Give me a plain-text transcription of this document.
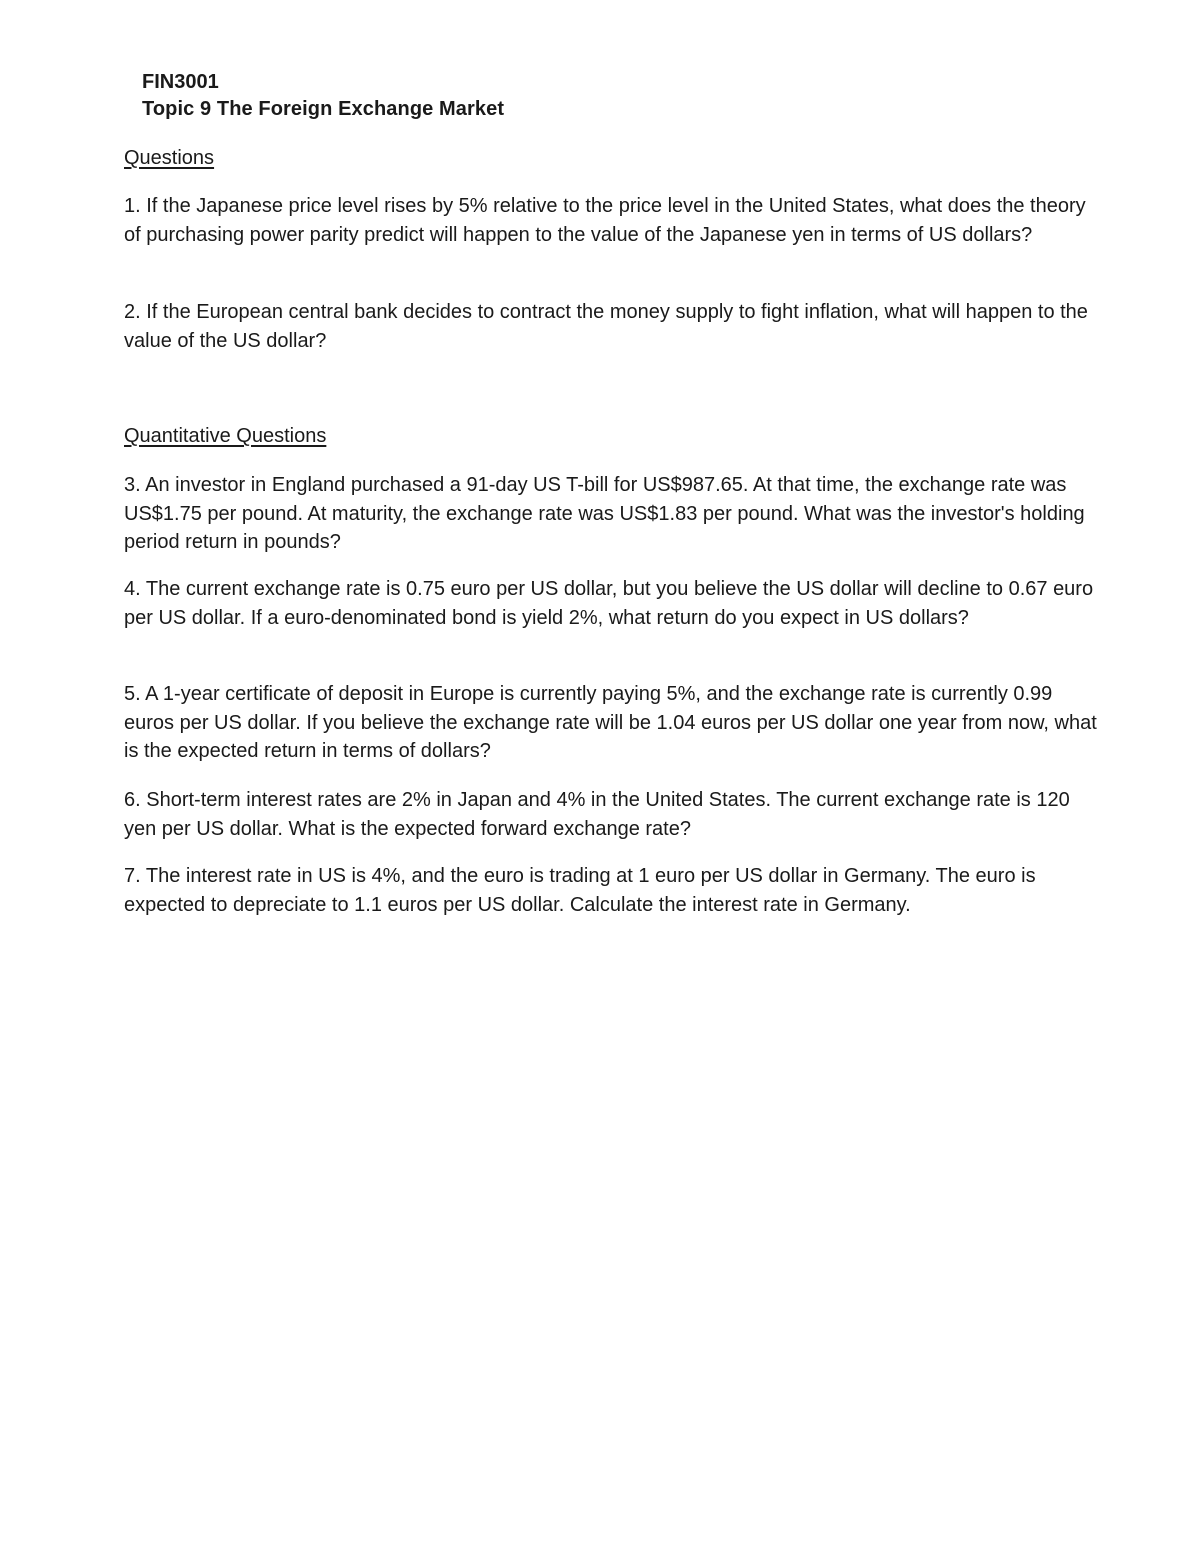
FIN3001

Topic 9 The Foreign Exchange Market

Questions

1. If the Japanese price level rises by 5% relative to the price level in the United States, what does the theory of purchasing power parity predict will happen to the value of the Japanese yen in terms of US dollars?

2. If the European central bank decides to contract the money supply to fight inflation, what will happen to the value of the US dollar?

Quantitative Questions

3. An investor in England purchased a 91-day US T-bill for US$987.65. At that time, the exchange rate was US$1.75 per pound. At maturity, the exchange rate was US$1.83 per pound. What was the investor's holding period return in pounds?

4. The current exchange rate is 0.75 euro per US dollar, but you believe the US dollar will decline to 0.67 euro per US dollar. If a euro-denominated bond is yield 2%, what return do you expect in US dollars?

5. A 1-year certificate of deposit in Europe is currently paying 5%, and the exchange rate is currently 0.99 euros per US dollar. If you believe the exchange rate will be 1.04 euros per US dollar one year from now, what is the expected return in terms of dollars?

6. Short-term interest rates are 2% in Japan and 4% in the United States. The current exchange rate is 120 yen per US dollar. What is the expected forward exchange rate?

7. The interest rate in US is 4%, and the euro is trading at 1 euro per US dollar in Germany. The euro is expected to depreciate to 1.1 euros per US dollar. Calculate the interest rate in Germany.
